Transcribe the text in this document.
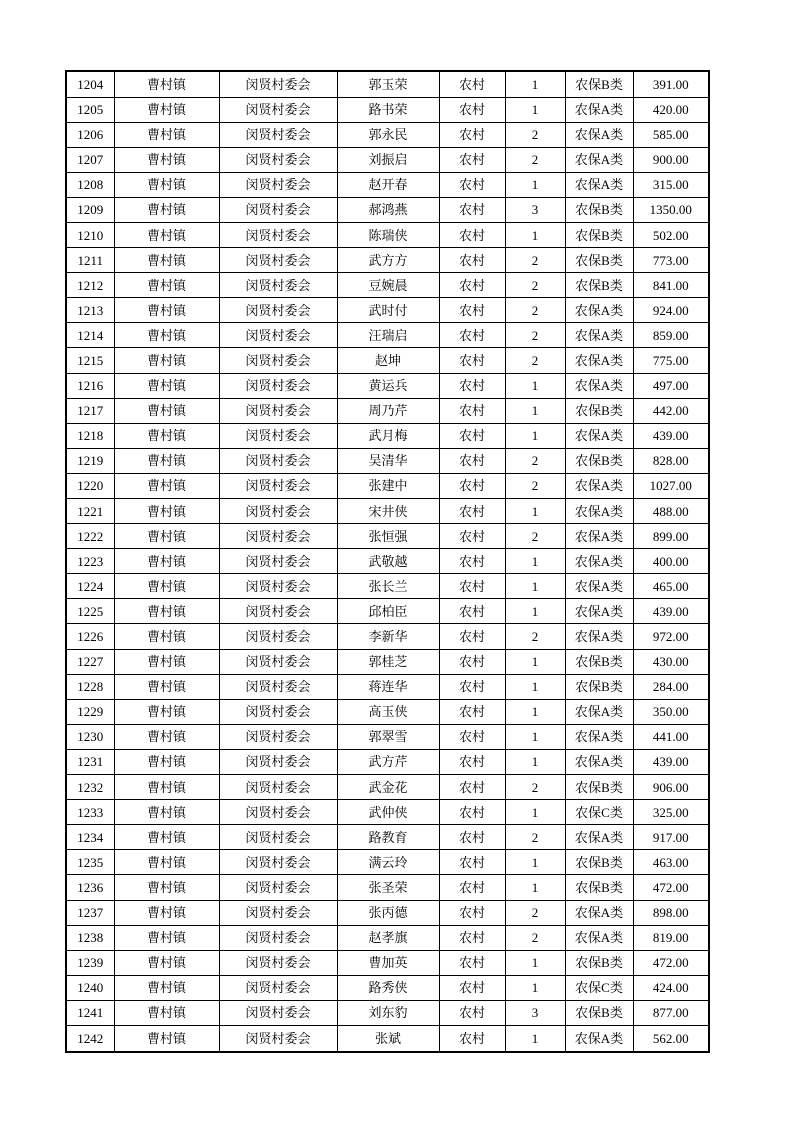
1204	曹村镇	闵贤村委会	郭玉荣	农村	1	农保B类	391.00
1205	曹村镇	闵贤村委会	路书荣	农村	1	农保A类	420.00
1206	曹村镇	闵贤村委会	郭永民	农村	2	农保A类	585.00
1207	曹村镇	闵贤村委会	刘振启	农村	2	农保A类	900.00
1208	曹村镇	闵贤村委会	赵开春	农村	1	农保A类	315.00
1209	曹村镇	闵贤村委会	郝鸿燕	农村	3	农保B类	1350.00
1210	曹村镇	闵贤村委会	陈瑞侠	农村	1	农保B类	502.00
1211	曹村镇	闵贤村委会	武方方	农村	2	农保B类	773.00
1212	曹村镇	闵贤村委会	豆婉晨	农村	2	农保B类	841.00
1213	曹村镇	闵贤村委会	武时付	农村	2	农保A类	924.00
1214	曹村镇	闵贤村委会	汪瑞启	农村	2	农保A类	859.00
1215	曹村镇	闵贤村委会	赵坤	农村	2	农保A类	775.00
1216	曹村镇	闵贤村委会	黄运兵	农村	1	农保A类	497.00
1217	曹村镇	闵贤村委会	周乃芹	农村	1	农保B类	442.00
1218	曹村镇	闵贤村委会	武月梅	农村	1	农保A类	439.00
1219	曹村镇	闵贤村委会	吴清华	农村	2	农保B类	828.00
1220	曹村镇	闵贤村委会	张建中	农村	2	农保A类	1027.00
1221	曹村镇	闵贤村委会	宋井侠	农村	1	农保A类	488.00
1222	曹村镇	闵贤村委会	张恒强	农村	2	农保A类	899.00
1223	曹村镇	闵贤村委会	武敬越	农村	1	农保A类	400.00
1224	曹村镇	闵贤村委会	张长兰	农村	1	农保A类	465.00
1225	曹村镇	闵贤村委会	邱柏臣	农村	1	农保A类	439.00
1226	曹村镇	闵贤村委会	李新华	农村	2	农保A类	972.00
1227	曹村镇	闵贤村委会	郭桂芝	农村	1	农保B类	430.00
1228	曹村镇	闵贤村委会	蒋连华	农村	1	农保B类	284.00
1229	曹村镇	闵贤村委会	高玉侠	农村	1	农保A类	350.00
1230	曹村镇	闵贤村委会	郭翠雪	农村	1	农保A类	441.00
1231	曹村镇	闵贤村委会	武方芹	农村	1	农保A类	439.00
1232	曹村镇	闵贤村委会	武金花	农村	2	农保B类	906.00
1233	曹村镇	闵贤村委会	武仲侠	农村	1	农保C类	325.00
1234	曹村镇	闵贤村委会	路教育	农村	2	农保A类	917.00
1235	曹村镇	闵贤村委会	满云玲	农村	1	农保B类	463.00
1236	曹村镇	闵贤村委会	张圣荣	农村	1	农保B类	472.00
1237	曹村镇	闵贤村委会	张丙德	农村	2	农保A类	898.00
1238	曹村镇	闵贤村委会	赵孝旗	农村	2	农保A类	819.00
1239	曹村镇	闵贤村委会	曹加英	农村	1	农保B类	472.00
1240	曹村镇	闵贤村委会	路秀侠	农村	1	农保C类	424.00
1241	曹村镇	闵贤村委会	刘东豹	农村	3	农保B类	877.00
1242	曹村镇	闵贤村委会	张斌	农村	1	农保A类	562.00
